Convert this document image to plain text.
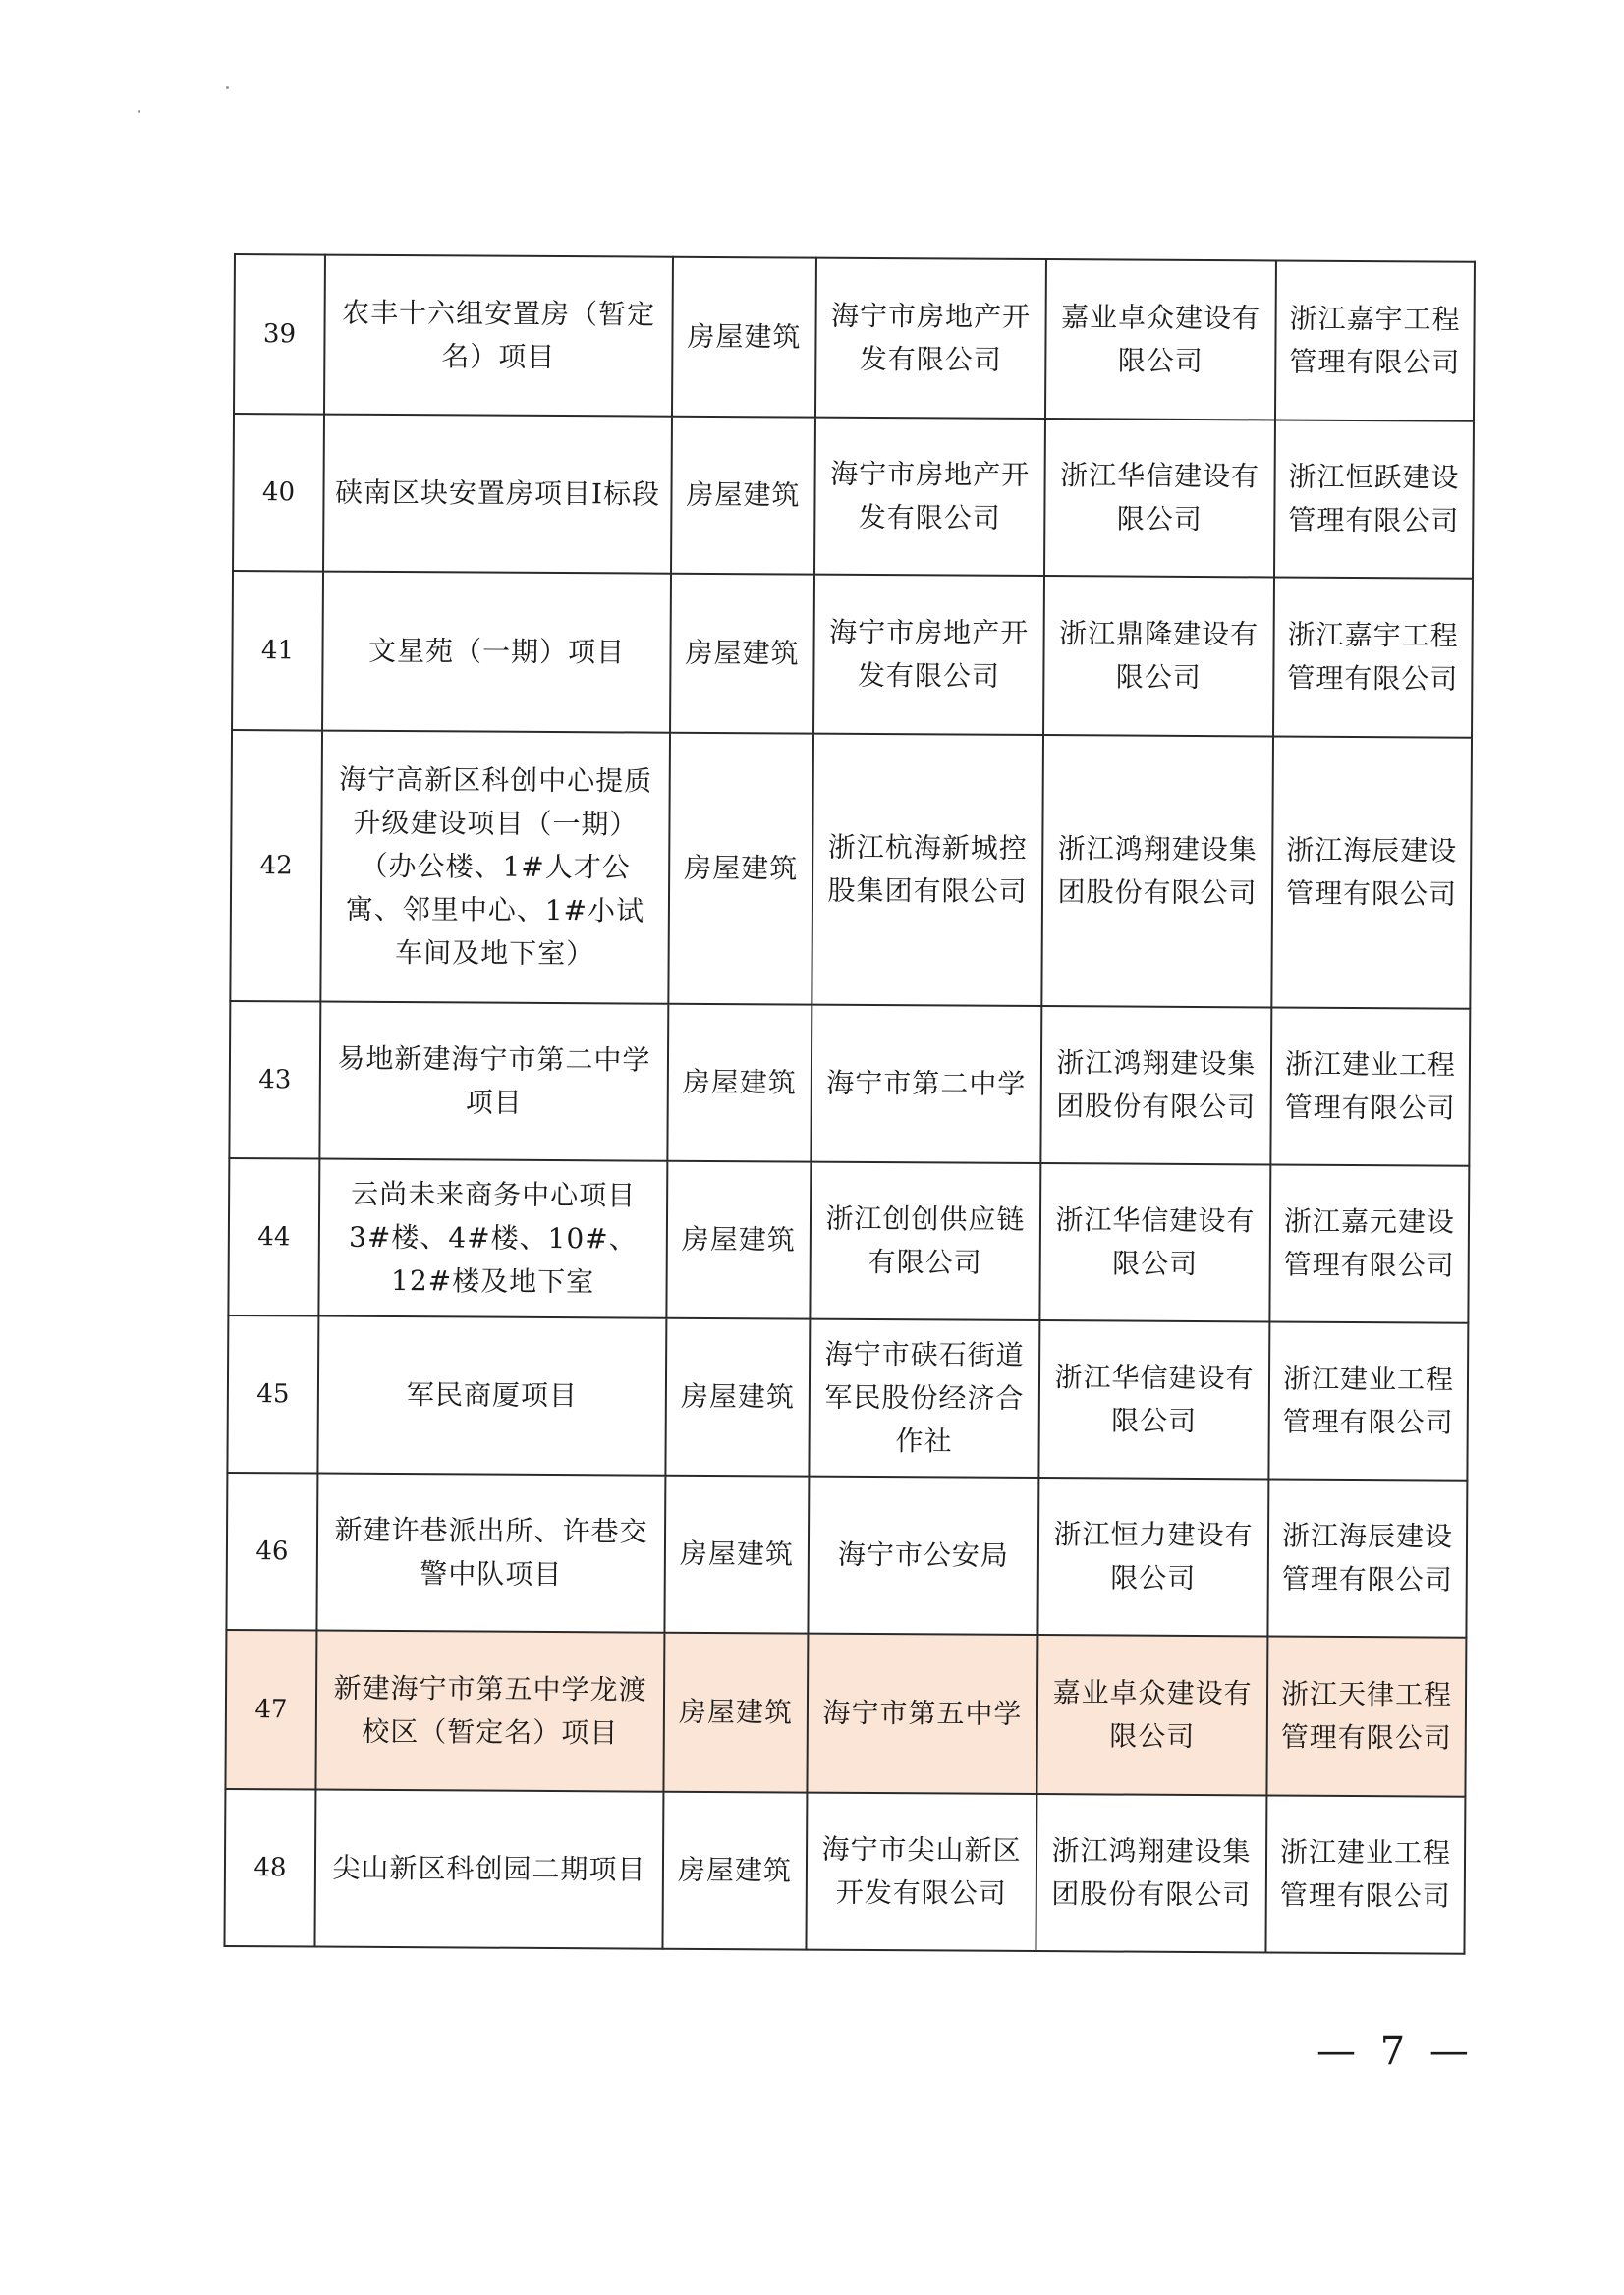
39	农丰十六组安置房（暂定名）项目	房屋建筑	海宁市房地产开发有限公司	嘉业卓众建设有限公司	浙江嘉宇工程管理有限公司
40	硖南区块安置房项目Ⅰ标段	房屋建筑	海宁市房地产开发有限公司	浙江华信建设有限公司	浙江恒跃建设管理有限公司
41	文星苑（一期）项目	房屋建筑	海宁市房地产开发有限公司	浙江鼎隆建设有限公司	浙江嘉宇工程管理有限公司
42	海宁高新区科创中心提质升级建设项目（一期）（办公楼、1#人才公寓、邻里中心、1#小试车间及地下室）	房屋建筑	浙江杭海新城控股集团有限公司	浙江鸿翔建设集团股份有限公司	浙江海辰建设管理有限公司
43	易地新建海宁市第二中学项目	房屋建筑	海宁市第二中学	浙江鸿翔建设集团股份有限公司	浙江建业工程管理有限公司
44	云尚未来商务中心项目3#楼、4#楼、10#、12#楼及地下室	房屋建筑	浙江创创供应链有限公司	浙江华信建设有限公司	浙江嘉元建设管理有限公司
45	军民商厦项目	房屋建筑	海宁市硖石街道军民股份经济合作社	浙江华信建设有限公司	浙江建业工程管理有限公司
46	新建许巷派出所、许巷交警中队项目	房屋建筑	海宁市公安局	浙江恒力建设有限公司	浙江海辰建设管理有限公司
47	新建海宁市第五中学龙渡校区（暂定名）项目	房屋建筑	海宁市第五中学	嘉业卓众建设有限公司	浙江天律工程管理有限公司
48	尖山新区科创园二期项目	房屋建筑	海宁市尖山新区开发有限公司	浙江鸿翔建设集团股份有限公司	浙江建业工程管理有限公司
— 7 —
